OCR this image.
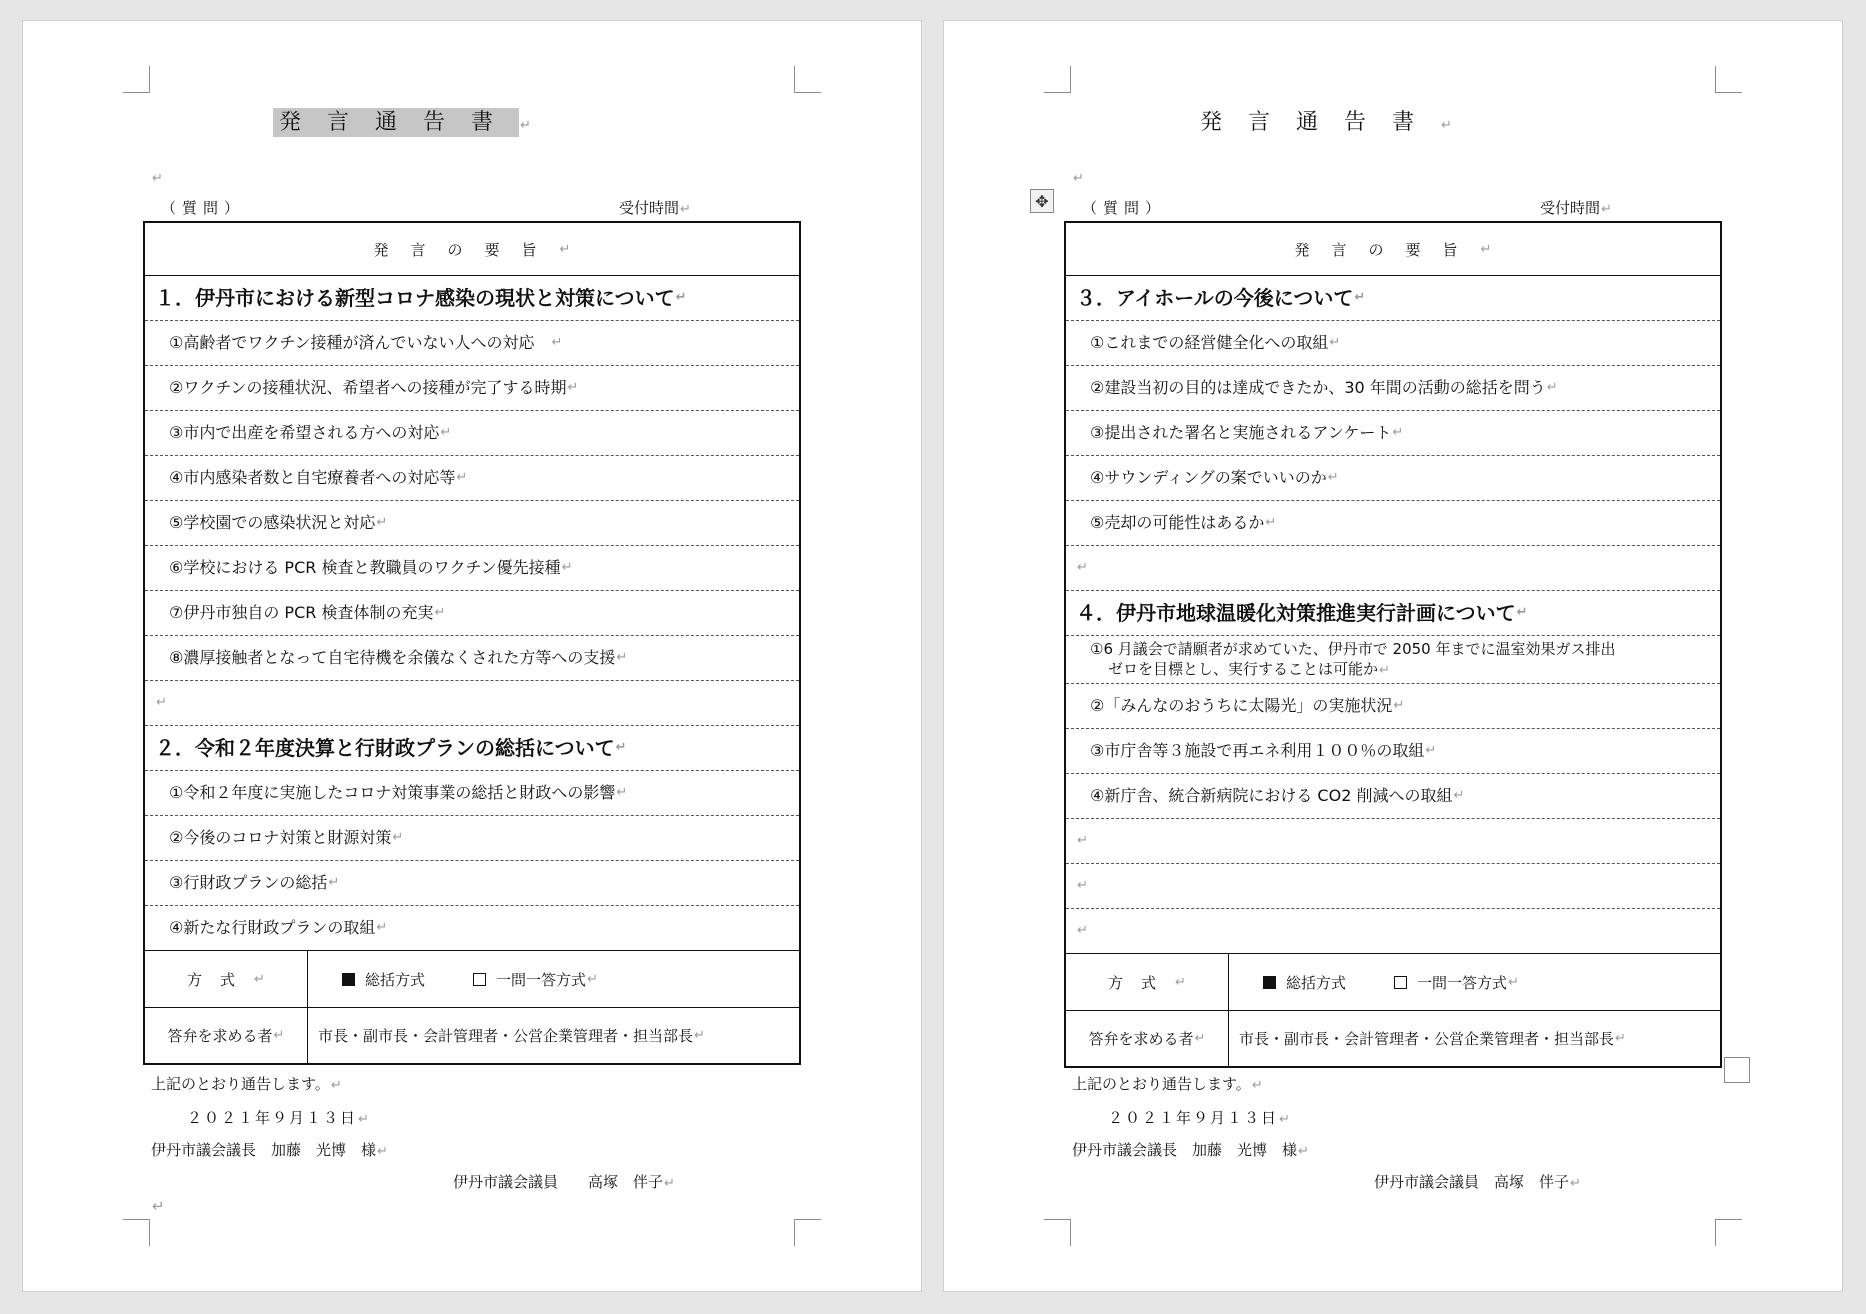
発言通告書↵
↵
（質問）	受付時間↵
発言の要旨 ↵
１．伊丹市における新型コロナ感染の現状と対策について ↵
①高齢者でワクチン接種が済んでいない人への対応　 ↵
②ワクチンの接種状況、希望者への接種が完了する時期 ↵
③市内で出産を希望される方への対応 ↵
④市内感染者数と自宅療養者への対応等 ↵
⑤学校園での感染状況と対応 ↵
⑥学校における PCR 検査と教職員のワクチン優先接種 ↵
⑦伊丹市独自の PCR 検査体制の充実 ↵
⑧濃厚接触者となって自宅待機を余儀なくされた方等への支援 ↵
↵
２．令和２年度決算と行財政プランの総括について ↵
①令和２年度に実施したコロナ対策事業の総括と財政への影響 ↵
②今後のコロナ対策と財源対策 ↵
③行財政プランの総括 ↵
④新たな行財政プランの取組 ↵
方式 ↵	総括方式	一問一答方式 ↵
答弁を求める者 ↵ 市長・副市長・会計管理者・公営企業管理者・担当部長 ↵
上記のとおり通告します。↵
２０２１年９月１３日↵
伊丹市議会議長　加藤　光博　様↵
伊丹市議会議員　　高塚　伴子↵
↵
発言通告書↵
↵
✥	（質問）	受付時間↵
発言の要旨 ↵
３．アイホールの今後について ↵
①これまでの経営健全化への取組 ↵
②建設当初の目的は達成できたか、30 年間の活動の総括を問う ↵
③提出された署名と実施されるアンケート ↵
④サウンディングの案でいいのか ↵
⑤売却の可能性はあるか ↵
↵
４．伊丹市地球温暖化対策推進実行計画について ↵
①6 月議会で請願者が求めていた、伊丹市で 2050 年までに温室効果ガス排出
ゼロを目標とし、実行することは可能か↵
②「みんなのおうちに太陽光」の実施状況 ↵
③市庁舎等３施設で再エネ利用１００％の取組 ↵
④新庁舎、統合新病院における CO2 削減への取組 ↵
↵
↵
↵
方式 ↵	総括方式	一問一答方式 ↵
答弁を求める者 ↵ 市長・副市長・会計管理者・公営企業管理者・担当部長 ↵
上記のとおり通告します。↵
２０２１年９月１３日↵
伊丹市議会議長　加藤　光博　様↵
伊丹市議会議員　高塚　伴子↵
